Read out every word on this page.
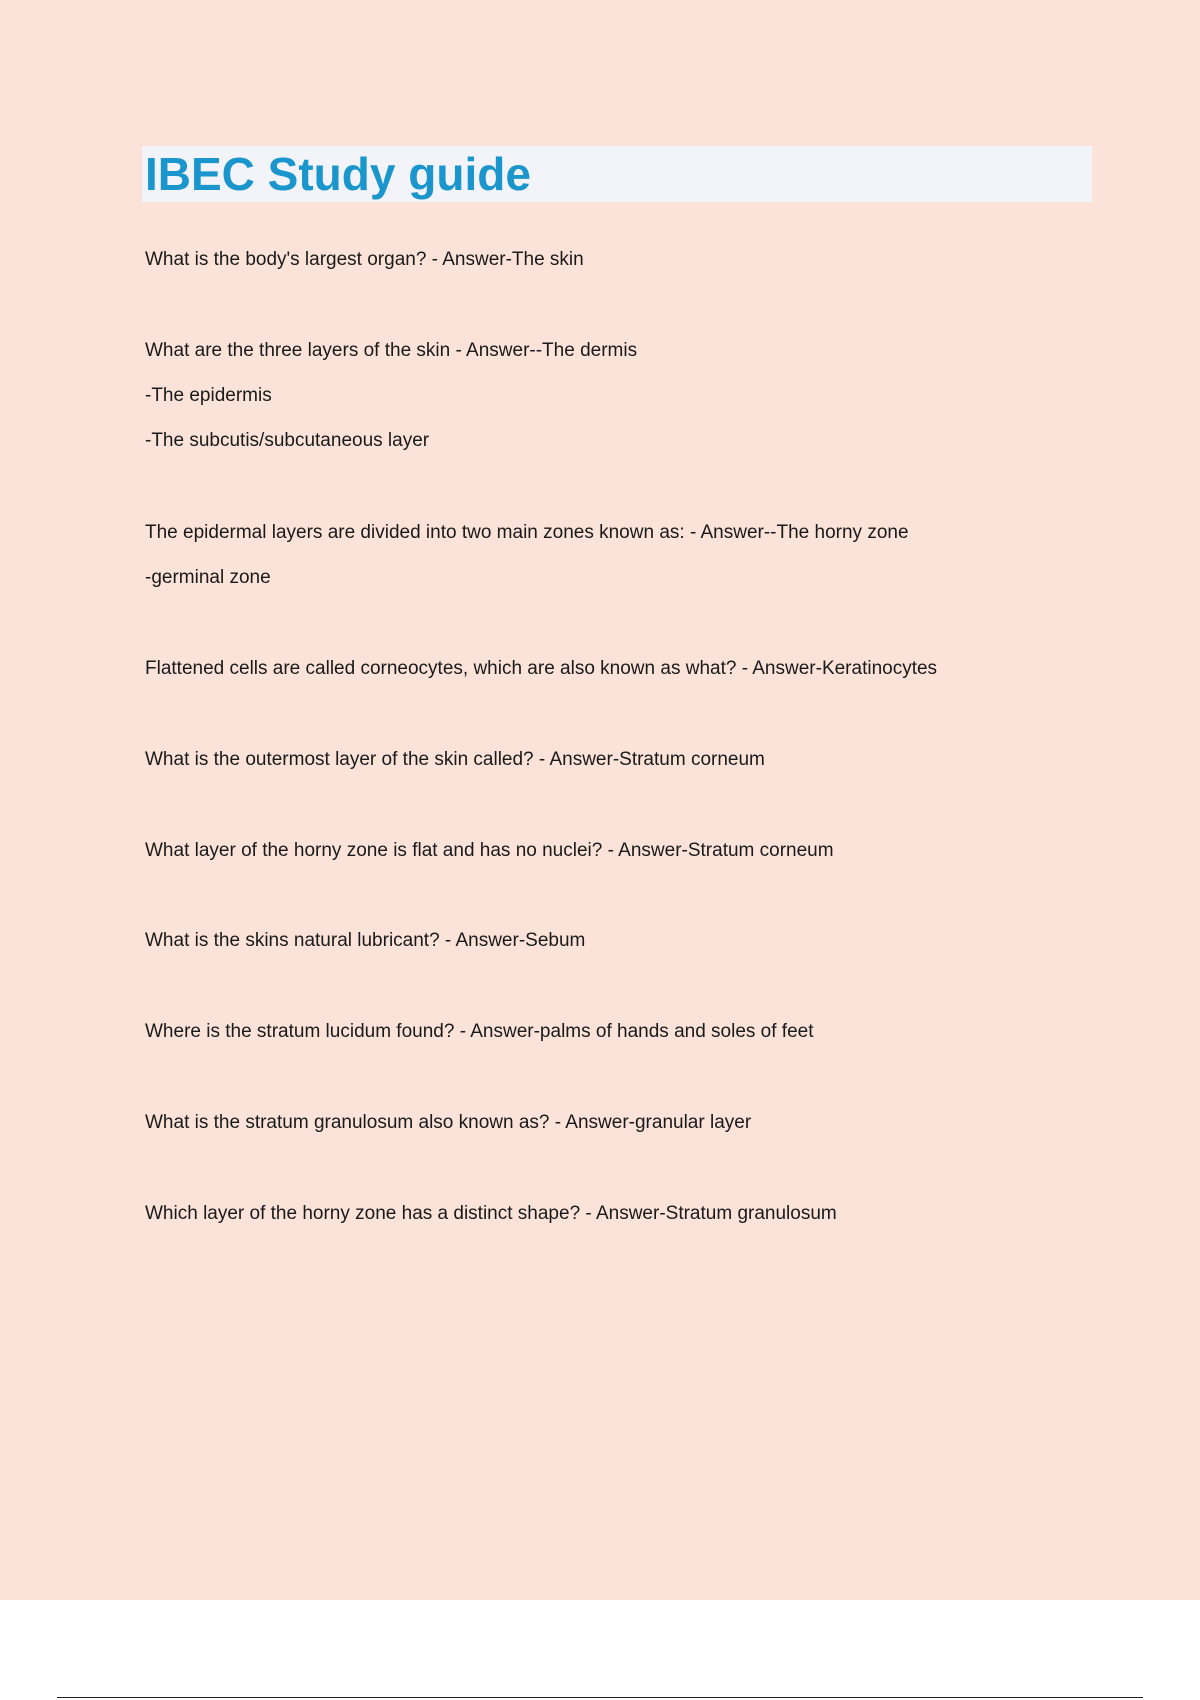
IBEC Study guide
What is the body's largest organ? - Answer-The skin
What are the three layers of the skin - Answer--The dermis
-The epidermis
-The subcutis/subcutaneous layer
The epidermal layers are divided into two main zones known as: - Answer--The horny zone
-germinal zone
Flattened cells are called corneocytes, which are also known as what? - Answer-Keratinocytes
What is the outermost layer of the skin called? - Answer-Stratum corneum
What layer of the horny zone is flat and has no nuclei? - Answer-Stratum corneum
What is the skins natural lubricant? - Answer-Sebum
Where is the stratum lucidum found? - Answer-palms of hands and soles of feet
What is the stratum granulosum also known as? - Answer-granular layer
Which layer of the horny zone has a distinct shape? - Answer-Stratum granulosum
